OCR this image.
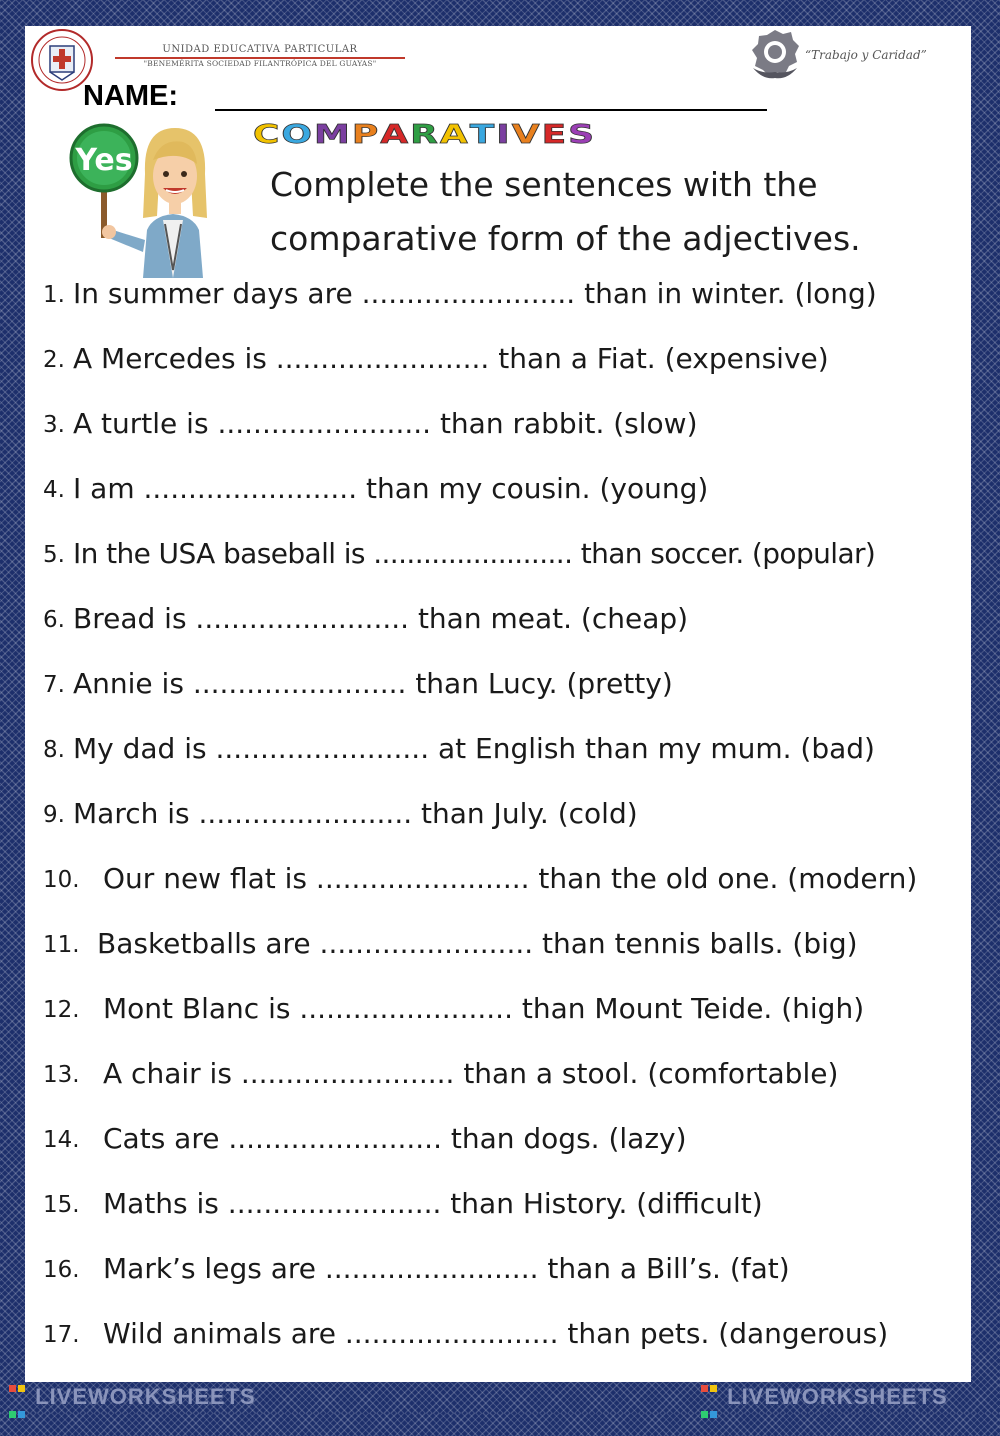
UNIDAD EDUCATIVA PARTICULAR
"BENEMÉRITA SOCIEDAD FILANTRÓPICA DEL GUAYAS"
“Trabajo y Caridad”
NAME:
Yes
COMPARATIVES
Complete the sentences with the comparative form of the adjectives.
1. In summer days are ........................ than in winter. (long)
2. A Mercedes is ........................ than a Fiat. (expensive)
3. A turtle is ........................ than rabbit. (slow)
4. I am ........................ than my cousin. (young)
5. In the USA baseball is ........................ than soccer. (popular)
6. Bread is ........................ than meat. (cheap)
7. Annie is ........................ than Lucy. (pretty)
8. My dad is ........................ at English than my mum. (bad)
9. March is ........................ than July. (cold)
10. Our new flat is ........................ than the old one. (modern)
11. Basketballs are ........................ than tennis balls. (big)
12. Mont Blanc is ........................ than Mount Teide. (high)
13. A chair is ........................ than a stool. (comfortable)
14. Cats are ........................ than dogs. (lazy)
15. Maths is ........................ than History. (difficult)
16. Mark’s legs are ........................ than a Bill’s. (fat)
17. Wild animals are ........................ than pets. (dangerous)
LIVEWORKSHEETS	LIVEWORKSHEETS
